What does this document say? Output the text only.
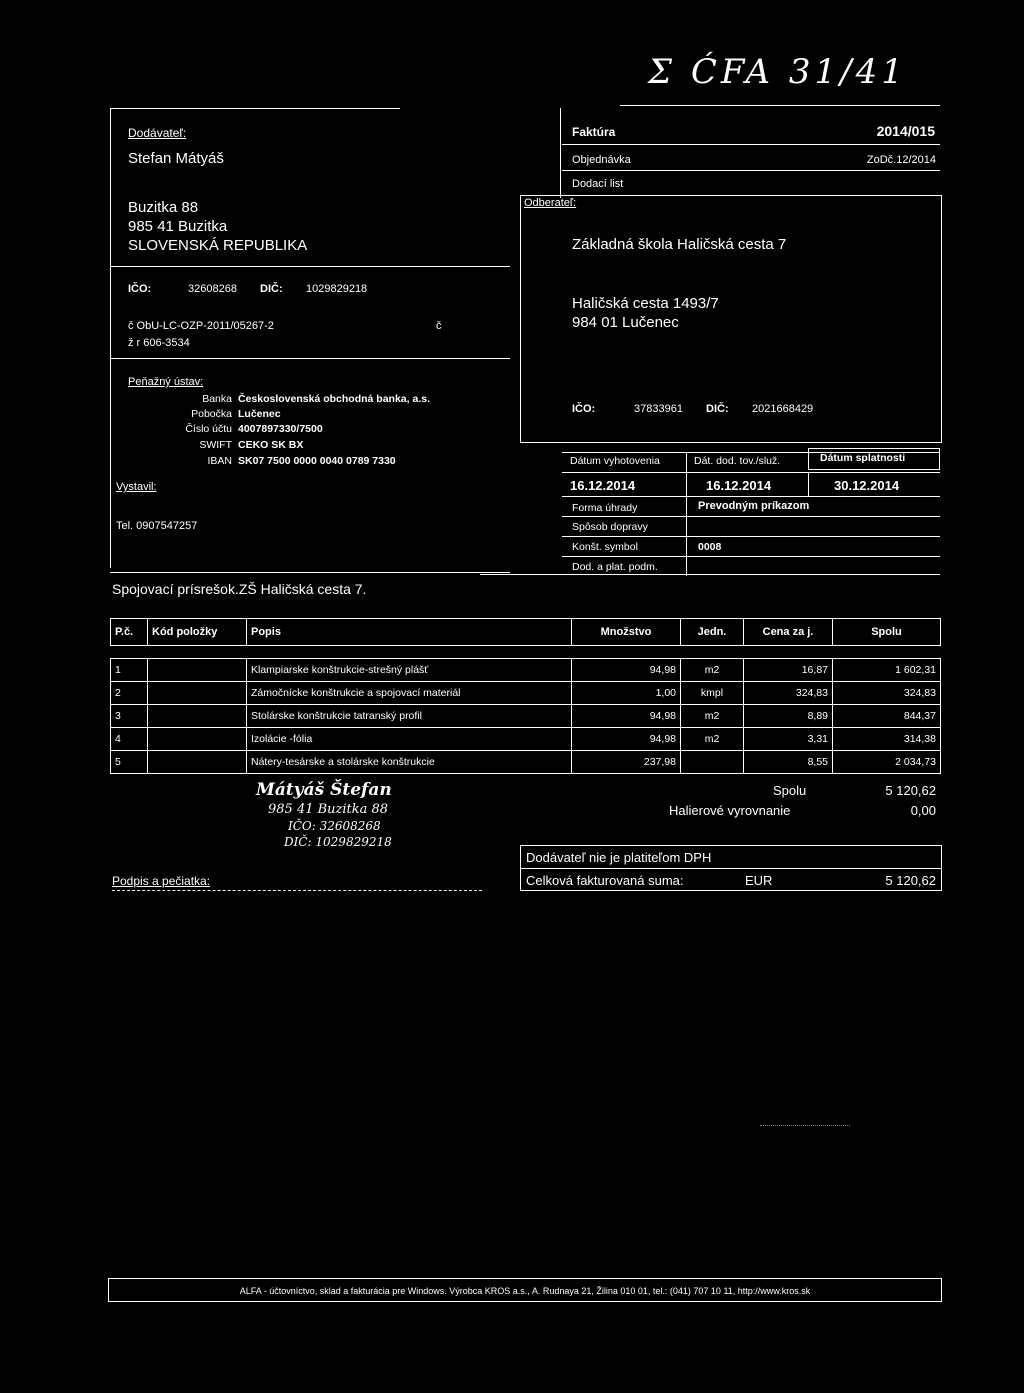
Σ ĆFA 31/41
Dodávateľ:
Stefan Mátyáš
Buzitka 88
985 41 Buzitka
SLOVENSKÁ REPUBLIKA
IČO:	32608268 DIČ: 1029829218
č ObU-LC-OZP-2011/05267-2	č
ž r 606-3534
Peňažný ústav:
Banka Československá obchodná banka, a.s.
Pobočka Lučenec
Číslo účtu 4007897330/7500
SWIFT CEKO SK BX
IBAN SK07 7500 0000 0040 0789 7330
Vystavil:
Tel. 0907547257
Spojovací prísrešok.ZŠ Haličská cesta 7.
Faktúra	2014/015
Objednávka	ZoDč.12/2014
Dodací list
Odberateľ:
Základná škola Haličská cesta 7
Haličská cesta 1493/7
984 01 Lučenec
IČO:	37833961 DIČ: 2021668429
Dátum vyhotovenia	Dát. dod. tov./služ.	Dátum splatnosti
16.12.2014	16.12.2014	30.12.2014
Forma úhrady	Prevodným príkazom
Spôsob dopravy
Konšt. symbol	0008
Dod. a plat. podm.
P.č.	Kód položky	Popis	Množstvo	Jedn.	Cena za j.	Spolu

1		Klampiarske konštrukcie-strešný plášť	94,98	m2	16,87	1 602,31
2		Zámočnícke konštrukcie a spojovací materiál	1,00	kmpl	324,83	324,83
3		Stolárske konštrukcie tatranský profil	94,98	m2	8,89	844,37
4		Izolácie -fólia	94,98	m2	3,31	314,38
5		Nátery-tesárske a stolárske konštrukcie	237,98		8,55	2 034,73
Mátyáš Štefan
985 41 Buzitka 88
IČO: 32608268
DIČ: 1029829218
Spolu	5 120,62
Halierové vyrovnanie	0,00
Dodávateľ nie je platiteľom DPH
Celková fakturovaná suma:	EUR	5 120,62
Podpis a pečiatka:
ALFA - účtovníctvo, sklad a fakturácia pre Windows. Výrobca KROS a.s., A. Rudnaya 21, Žilina 010 01, tel.: (041) 707 10 11, http://www.kros.sk
